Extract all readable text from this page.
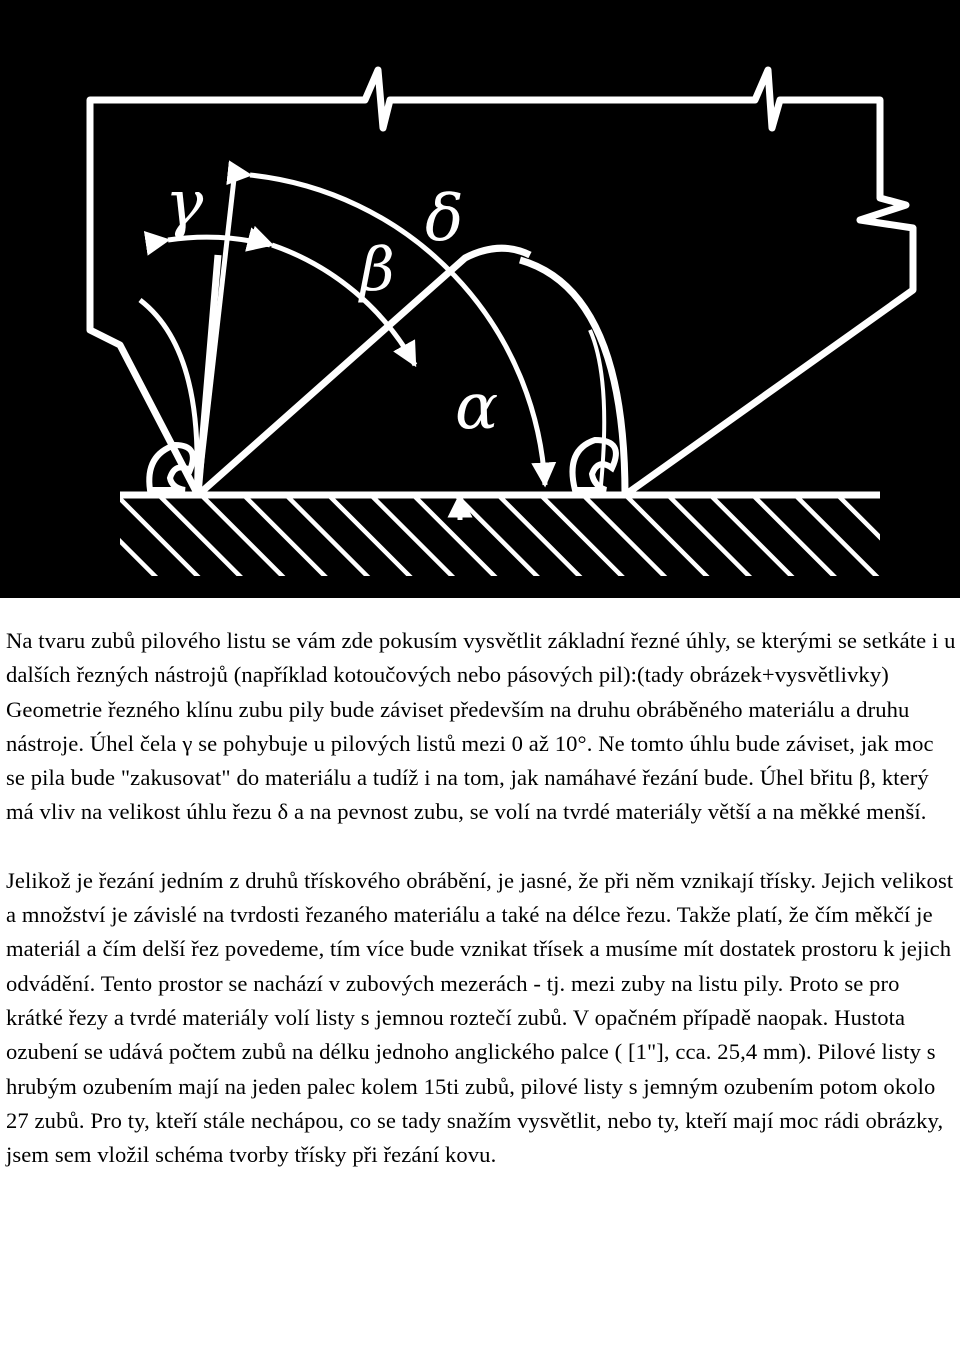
γ	δ
β
α

Na tvaru zubů pilového listu se vám zde pokusím vysvětlit základní řezné úhly, se kterými se setkáte i u dalších řezných nástrojů (například kotoučových nebo pásových pil):(tady obrázek+vysvětlivky) Geometrie řezného klínu zubu pily bude záviset především na druhu obráběného materiálu a druhu nástroje. Úhel čela γ se pohybuje u pilových listů mezi 0 až 10°. Ne tomto úhlu bude záviset, jak moc se pila bude "zakusovat" do materiálu a tudíž i na tom, jak namáhavé řezání bude. Úhel břitu β, který má vliv na velikost úhlu řezu δ a na pevnost zubu, se volí na tvrdé materiály větší a na měkké menší.

Jelikož je řezání jedním z druhů třískového obrábění, je jasné, že při něm vznikají třísky. Jejich velikost a množství je závislé na tvrdosti řezaného materiálu a také na délce řezu. Takže platí, že čím měkčí je materiál a čím delší řez povedeme, tím více bude vznikat třísek a musíme mít dostatek prostoru k jejich odvádění. Tento prostor se nachází v zubových mezerách - tj. mezi zuby na listu pily. Proto se pro krátké řezy a tvrdé materiály volí listy s jemnou roztečí zubů. V opačném případě naopak. Hustota ozubení se udává počtem zubů na délku jednoho anglického palce ( [1"], cca. 25,4 mm). Pilové listy s hrubým ozubením mají na jeden palec kolem 15ti zubů, pilové listy s jemným ozubením potom okolo 27 zubů. Pro ty, kteří stále nechápou, co se tady snažím vysvětlit, nebo ty, kteří mají moc rádi obrázky, jsem sem vložil schéma tvorby třísky při řezání kovu.
